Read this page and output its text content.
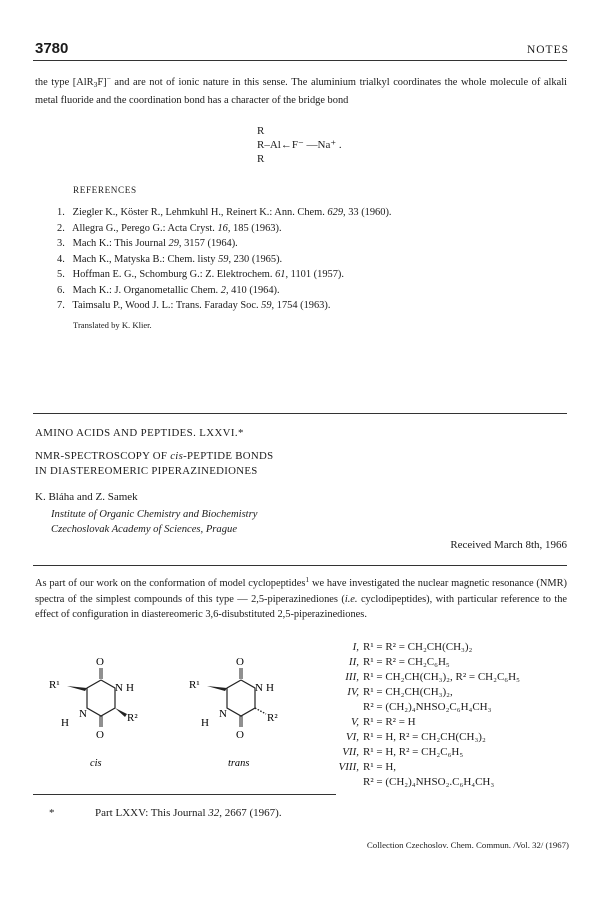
3780	NOTES
the type [AlR$_3$F]− and are not of ionic nature in this sense. The aluminium trialkyl coordinates the whole molecule of alkali metal fluoride and the coordination bond has a character of the bridge bond
R
R–Al←F⁻ —Na⁺ .
R
REFERENCES
1. Ziegler K., Köster R., Lehmkuhl H., Reinert K.: Ann. Chem. 629, 33 (1960).
2. Allegra G., Perego G.: Acta Cryst. 16, 185 (1963).
3. Mach K.: This Journal 29, 3157 (1964).
4. Mach K., Matyska B.: Chem. listy 59, 230 (1965).
5. Hoffman E. G., Schomburg G.: Z. Elektrochem. 61, 1101 (1957).
6. Mach K.: J. Organometallic Chem. 2, 410 (1964).
7. Taimsalu P., Wood J. L.: Trans. Faraday Soc. 59, 1754 (1963).
Translated by K. Klier.
AMINO ACIDS AND PEPTIDES. LXXVI.*
NMR-SPECTROSCOPY OF cis-PEPTIDE BONDS
IN DIASTEREOMERIC PIPERAZINEDIONES
K. Bláha and Z. Samek
Institute of Organic Chemistry and Biochemistry
Czechoslovak Academy of Sciences, Prague
Received March 8th, 1966
As part of our work on the conformation of model cyclopeptides$^1$ we have investigated the nuclear magnetic resonance (NMR) spectra of the simplest compounds of this type — 2,5-piperazinediones (i.e. cyclodipeptides), with particular reference to the effect of configuration in diastereomeric 3,6-disubstituted 2,5-piperazinediones.
O
N H
N
H
R¹
R²
O
cis
O
N H
N
H
R¹
R²
O
trans
I, R¹ = R² = CH₂CH(CH₃)₂
II, R¹ = R² = CH₂C₆H₅
III, R¹ = CH₂CH(CH₃)₂, R² = CH₂C₆H₅
IV, R¹ = CH₂CH(CH₃)₂,
R² = (CH₂)₄NHSO₂C₆H₄CH₃
V, R¹ = R² = H
VI, R¹ = H, R² = CH₂CH(CH₃)₂
VII, R¹ = H, R² = CH₂C₆H₅
VIII, R¹ = H,
R² = (CH₂)₄NHSO₂.C₆H₄CH₃
*	Part LXXV: This Journal 32, 2667 (1967).
Collection Czechoslov. Chem. Commun. /Vol. 32/ (1967)
